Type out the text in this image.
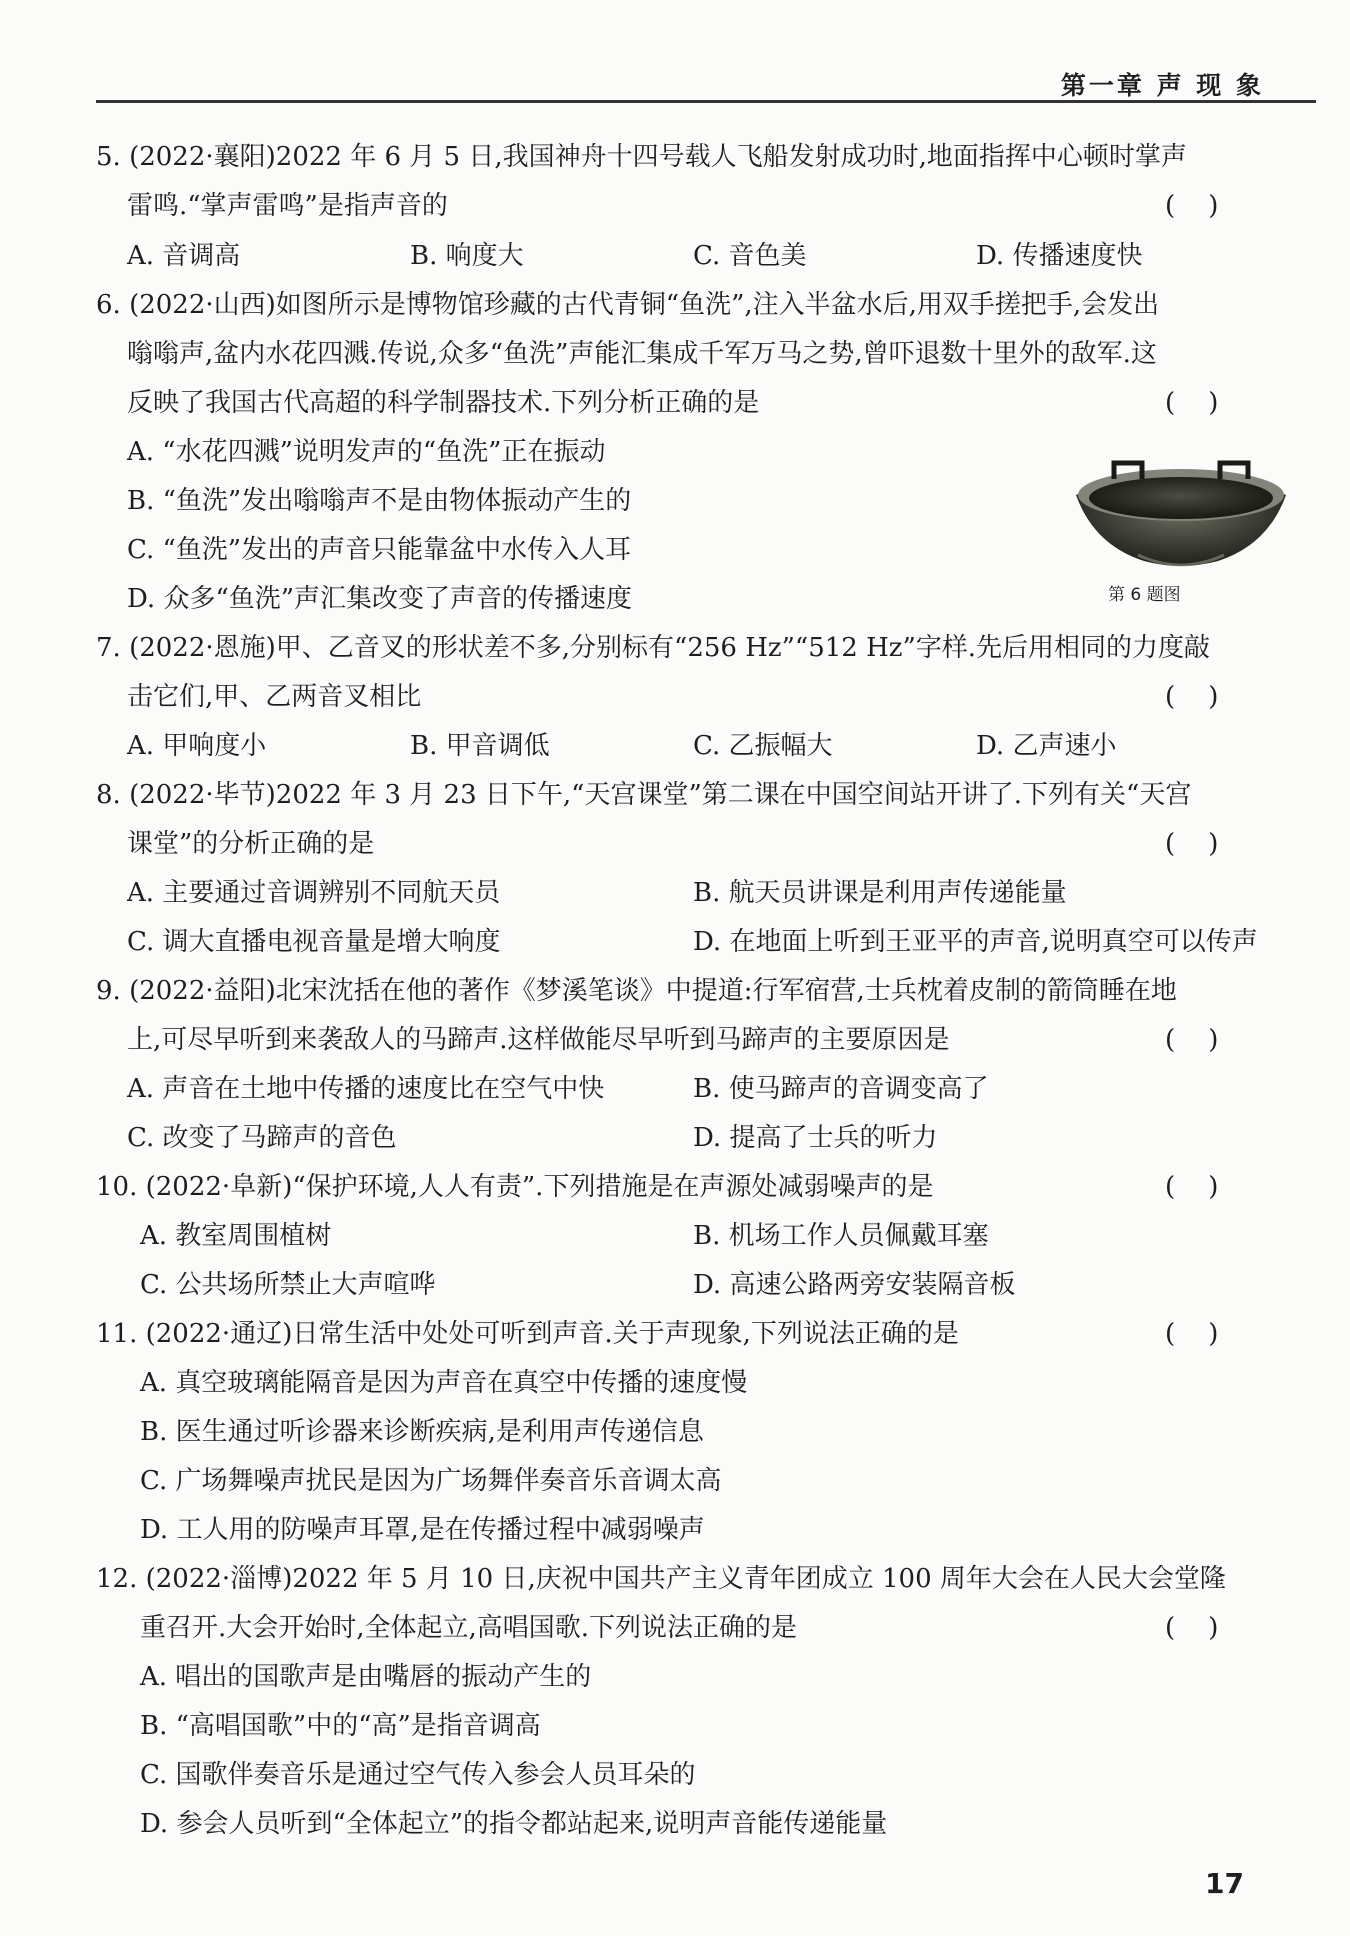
第一章 声 现 象
5. (2022·襄阳)2022 年 6 月 5 日,我国神舟十四号载人飞船发射成功时,地面指挥中心顿时掌声
雷鸣.“掌声雷鸣”是指声音的	(    )
A. 音调高	B. 响度大	C. 音色美	D. 传播速度快
6. (2022·山西)如图所示是博物馆珍藏的古代青铜“鱼洗”,注入半盆水后,用双手搓把手,会发出
嗡嗡声,盆内水花四溅.传说,众多“鱼洗”声能汇集成千军万马之势,曾吓退数十里外的敌军.这
反映了我国古代高超的科学制器技术.下列分析正确的是	(    )
A. “水花四溅”说明发声的“鱼洗”正在振动
B. “鱼洗”发出嗡嗡声不是由物体振动产生的
C. “鱼洗”发出的声音只能靠盆中水传入人耳
D. 众多“鱼洗”声汇集改变了声音的传播速度	第 6 题图
7. (2022·恩施)甲、乙音叉的形状差不多,分别标有“256 Hz”“512 Hz”字样.先后用相同的力度敲
击它们,甲、乙两音叉相比	(    )
A. 甲响度小	B. 甲音调低	C. 乙振幅大	D. 乙声速小
8. (2022·毕节)2022 年 3 月 23 日下午,“天宫课堂”第二课在中国空间站开讲了.下列有关“天宫
课堂”的分析正确的是	(    )
A. 主要通过音调辨别不同航天员	B. 航天员讲课是利用声传递能量
C. 调大直播电视音量是增大响度	D. 在地面上听到王亚平的声音,说明真空可以传声
9. (2022·益阳)北宋沈括在他的著作《梦溪笔谈》中提道:行军宿营,士兵枕着皮制的箭筒睡在地
上,可尽早听到来袭敌人的马蹄声.这样做能尽早听到马蹄声的主要原因是	(    )
A. 声音在土地中传播的速度比在空气中快	B. 使马蹄声的音调变高了
C. 改变了马蹄声的音色	D. 提高了士兵的听力
10. (2022·阜新)“保护环境,人人有责”.下列措施是在声源处减弱噪声的是	(    )
A. 教室周围植树	B. 机场工作人员佩戴耳塞
C. 公共场所禁止大声喧哗	D. 高速公路两旁安装隔音板
11. (2022·通辽)日常生活中处处可听到声音.关于声现象,下列说法正确的是	(    )
A. 真空玻璃能隔音是因为声音在真空中传播的速度慢
B. 医生通过听诊器来诊断疾病,是利用声传递信息
C. 广场舞噪声扰民是因为广场舞伴奏音乐音调太高
D. 工人用的防噪声耳罩,是在传播过程中减弱噪声
12. (2022·淄博)2022 年 5 月 10 日,庆祝中国共产主义青年团成立 100 周年大会在人民大会堂隆
重召开.大会开始时,全体起立,高唱国歌.下列说法正确的是	(    )
A. 唱出的国歌声是由嘴唇的振动产生的
B. “高唱国歌”中的“高”是指音调高
C. 国歌伴奏音乐是通过空气传入参会人员耳朵的
D. 参会人员听到“全体起立”的指令都站起来,说明声音能传递能量
17
